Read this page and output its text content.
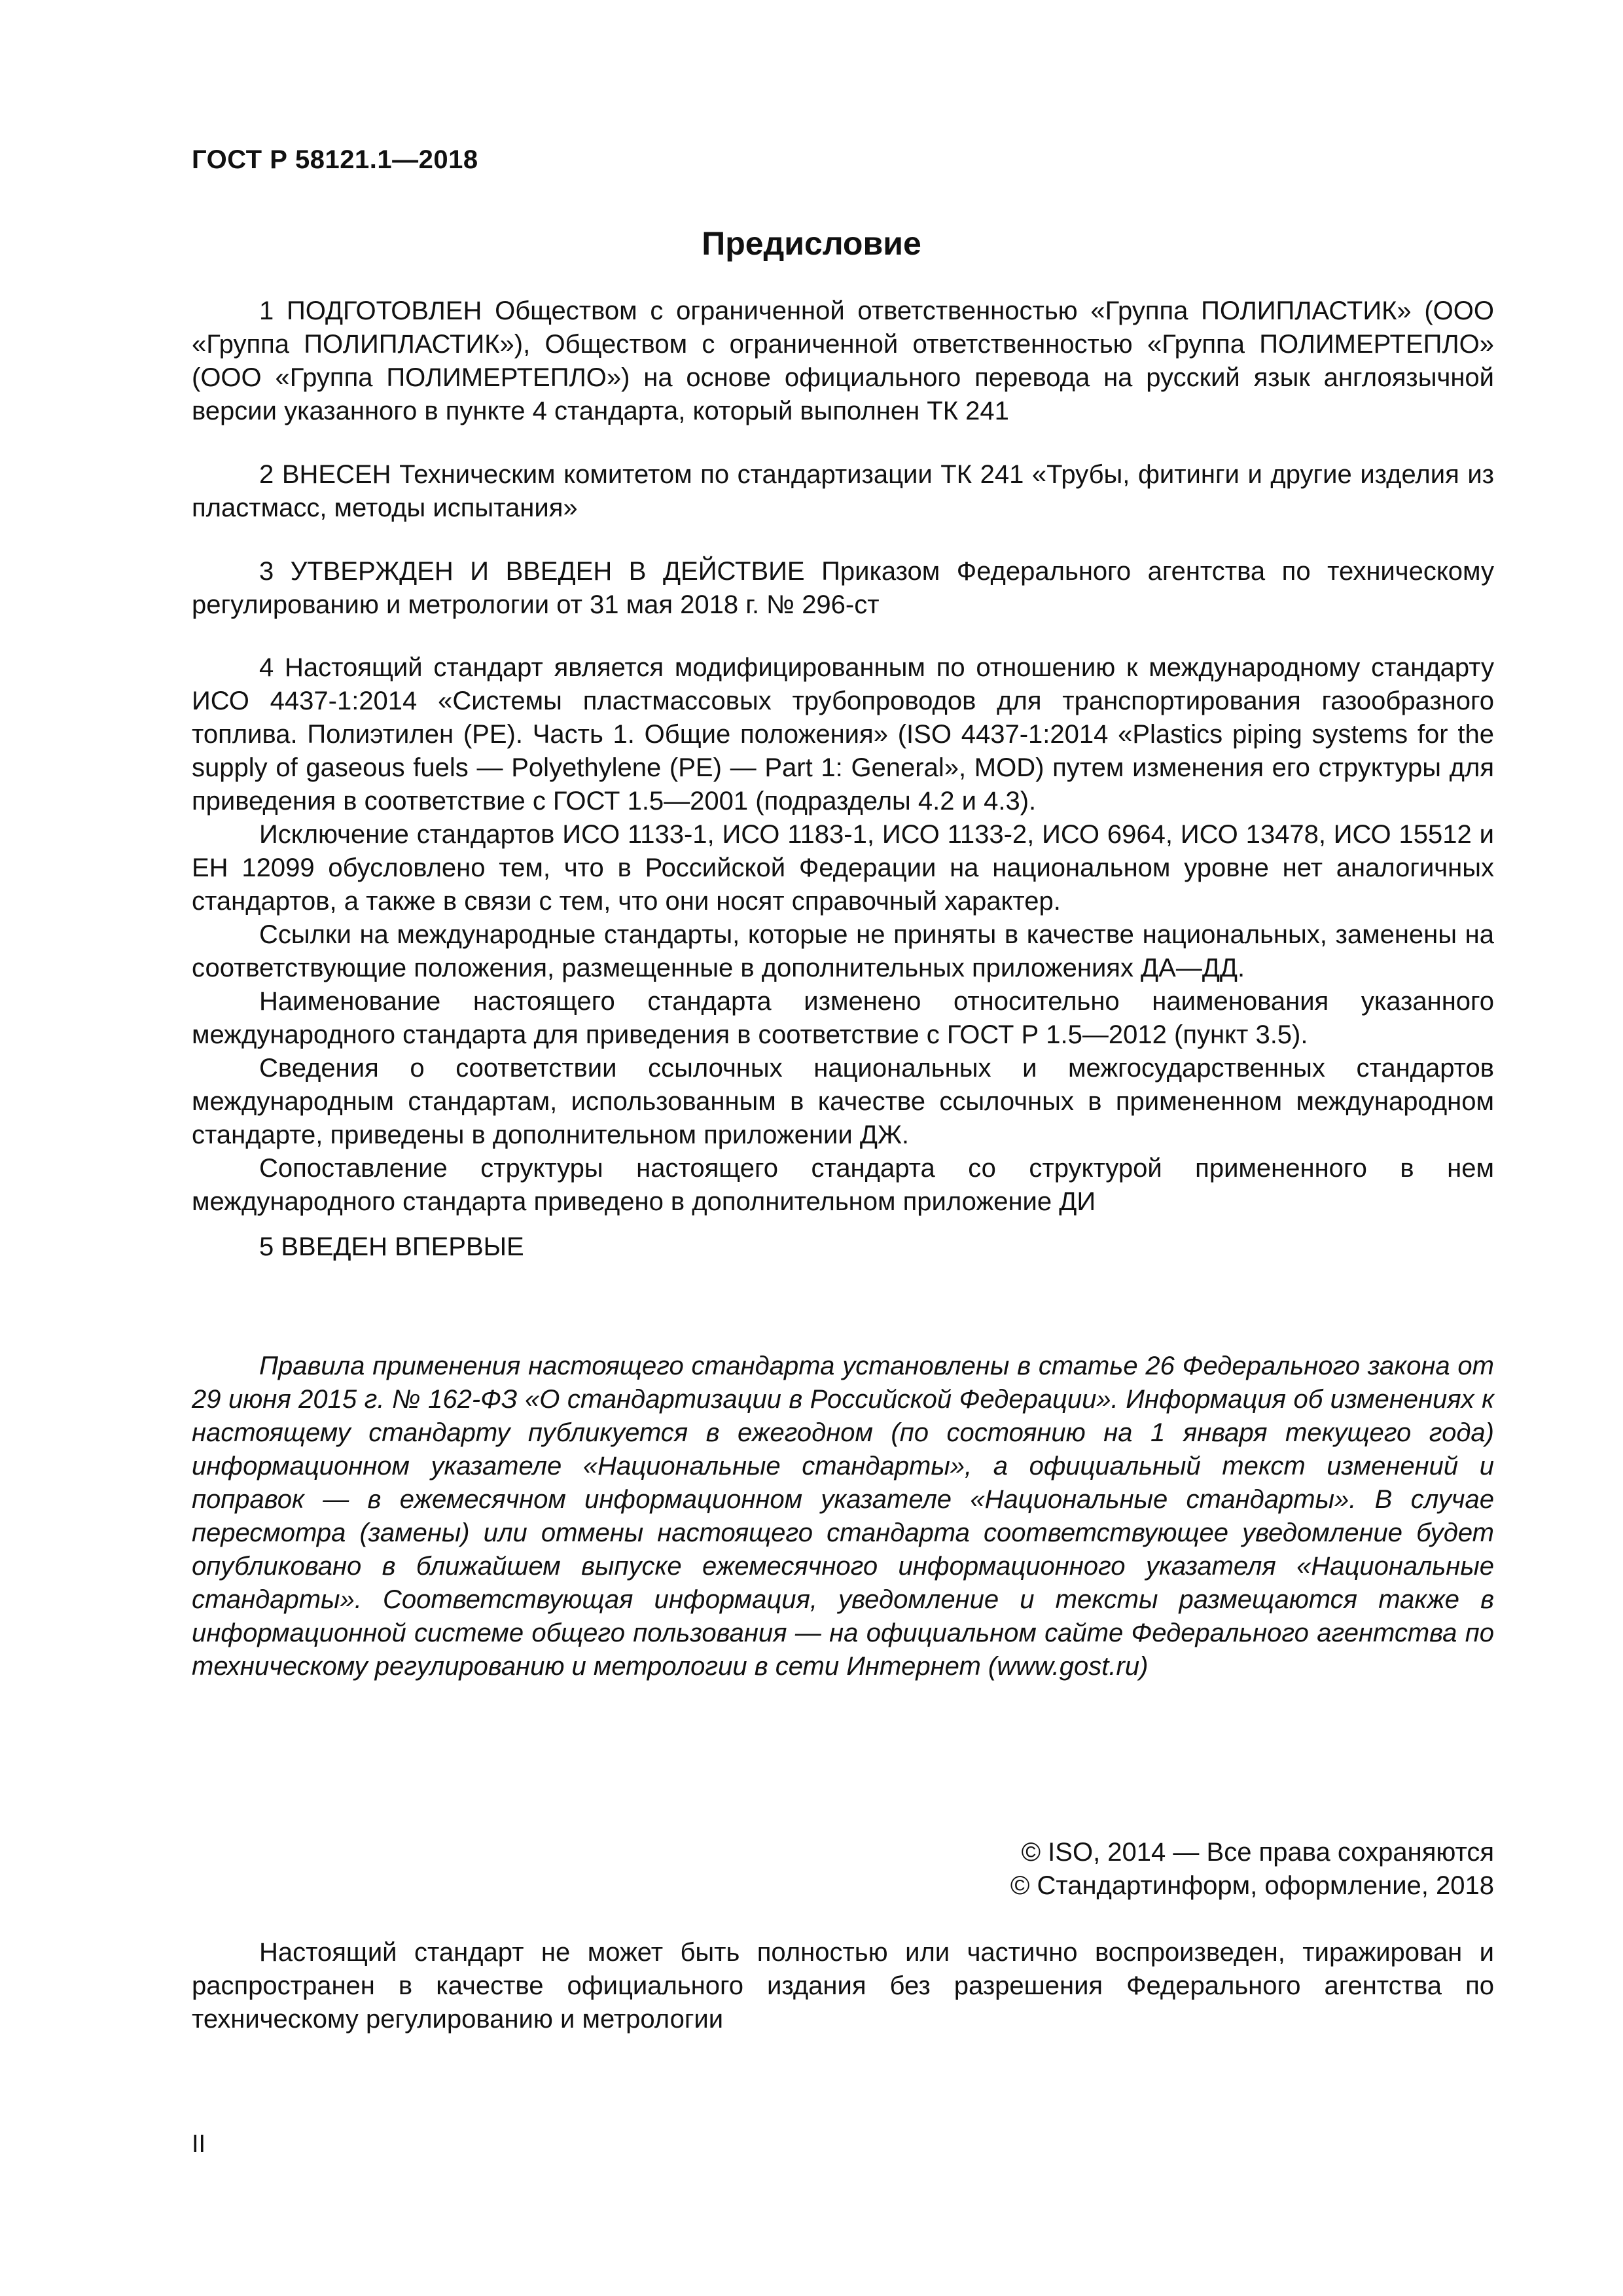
ГОСТ Р 58121.1—2018
Предисловие

1 ПОДГОТОВЛЕН Обществом с ограниченной ответственностью «Группа ПОЛИПЛАСТИК» (ООО «Группа ПОЛИПЛАСТИК»), Обществом с ограниченной ответственностью «Группа ПОЛИМЕРТЕПЛО» (ООО «Группа ПОЛИМЕРТЕПЛО») на основе официального перевода на русский язык англоязычной версии указанного в пункте 4 стандарта, который выполнен ТК 241

2 ВНЕСЕН Техническим комитетом по стандартизации ТК 241 «Трубы, фитинги и другие изделия из пластмасс, методы испытания»

3 УТВЕРЖДЕН И ВВЕДЕН В ДЕЙСТВИЕ Приказом Федерального агентства по техническому регулированию и метрологии от 31 мая 2018 г. № 296-ст

4 Настоящий стандарт является модифицированным по отношению к международному стандарту ИСО 4437-1:2014 «Системы пластмассовых трубопроводов для транспортирования газообразного топлива. Полиэтилен (PE). Часть 1. Общие положения» (ISO 4437-1:2014 «Plastics piping systems for the supply of gaseous fuels — Polyethylene (PE) — Part 1: General», MOD) путем изменения его структуры для приведения в соответствие с ГОСТ 1.5—2001 (подразделы 4.2 и 4.3).

Исключение стандартов ИСО 1133-1, ИСО 1183-1, ИСО 1133-2, ИСО 6964, ИСО 13478, ИСО 15512 и ЕН 12099 обусловлено тем, что в Российской Федерации на национальном уровне нет аналогичных стандартов, а также в связи с тем, что они носят справочный характер.

Ссылки на международные стандарты, которые не приняты в качестве национальных, заменены на соответствующие положения, размещенные в дополнительных приложениях ДА—ДД.

Наименование настоящего стандарта изменено относительно наименования указанного международного стандарта для приведения в соответствие с ГОСТ Р 1.5—2012 (пункт 3.5).

Сведения о соответствии ссылочных национальных и межгосударственных стандартов международным стандартам, использованным в качестве ссылочных в примененном международном стандарте, приведены в дополнительном приложении ДЖ.

Сопоставление структуры настоящего стандарта со структурой примененного в нем международного стандарта приведено в дополнительном приложение ДИ

5 ВВЕДЕН ВПЕРВЫЕ

Правила применения настоящего стандарта установлены в статье 26 Федерального закона от 29 июня 2015 г. № 162-ФЗ «О стандартизации в Российской Федерации». Информация об изменениях к настоящему стандарту публикуется в ежегодном (по состоянию на 1 января текущего года) информационном указателе «Национальные стандарты», а официальный текст изменений и поправок — в ежемесячном информационном указателе «Национальные стандарты». В случае пересмотра (замены) или отмены настоящего стандарта соответствующее уведомление будет опубликовано в ближайшем выпуске ежемесячного информационного указателя «Национальные стандарты». Соответствующая информация, уведомление и тексты размещаются также в информационной системе общего пользования — на официальном сайте Федерального агентства по техническому регулированию и метрологии в сети Интернет (www.gost.ru)

© ISO, 2014 — Все права сохраняются
© Стандартинформ, оформление, 2018

Настоящий стандарт не может быть полностью или частично воспроизведен, тиражирован и распространен в качестве официального издания без разрешения Федерального агентства по техническому регулированию и метрологии

II
